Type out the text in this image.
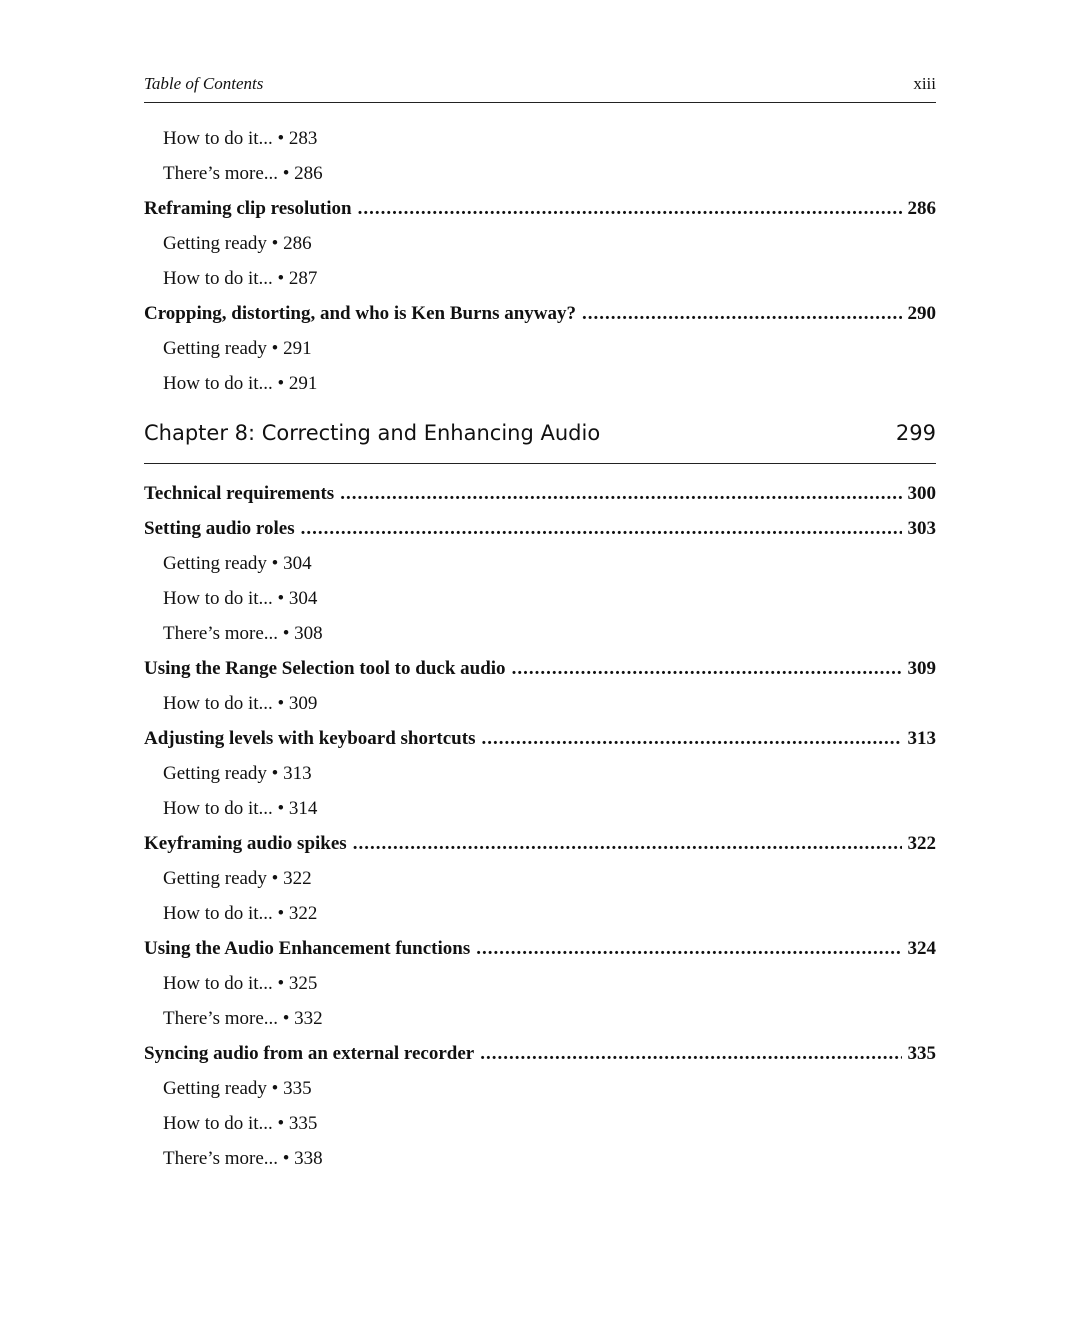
Table of Contents	xiii
How to do it... • 283
There’s more... • 286
Reframing clip resolution .....	286
Getting ready • 286
How to do it... • 287
Cropping, distorting, and who is Ken Burns anyway? .....	290
Getting ready • 291
How to do it... • 291
Chapter 8: Correcting and Enhancing Audio	299
Technical requirements .....	300
Setting audio roles .....	303
Getting ready • 304
How to do it... • 304
There’s more... • 308
Using the Range Selection tool to duck audio .....	309
How to do it... • 309
Adjusting levels with keyboard shortcuts .....	313
Getting ready • 313
How to do it... • 314
Keyframing audio spikes .....	322
Getting ready • 322
How to do it... • 322
Using the Audio Enhancement functions .....	324
How to do it... • 325
There’s more... • 332
Syncing audio from an external recorder .....	335
Getting ready • 335
How to do it... • 335
There’s more... • 338
